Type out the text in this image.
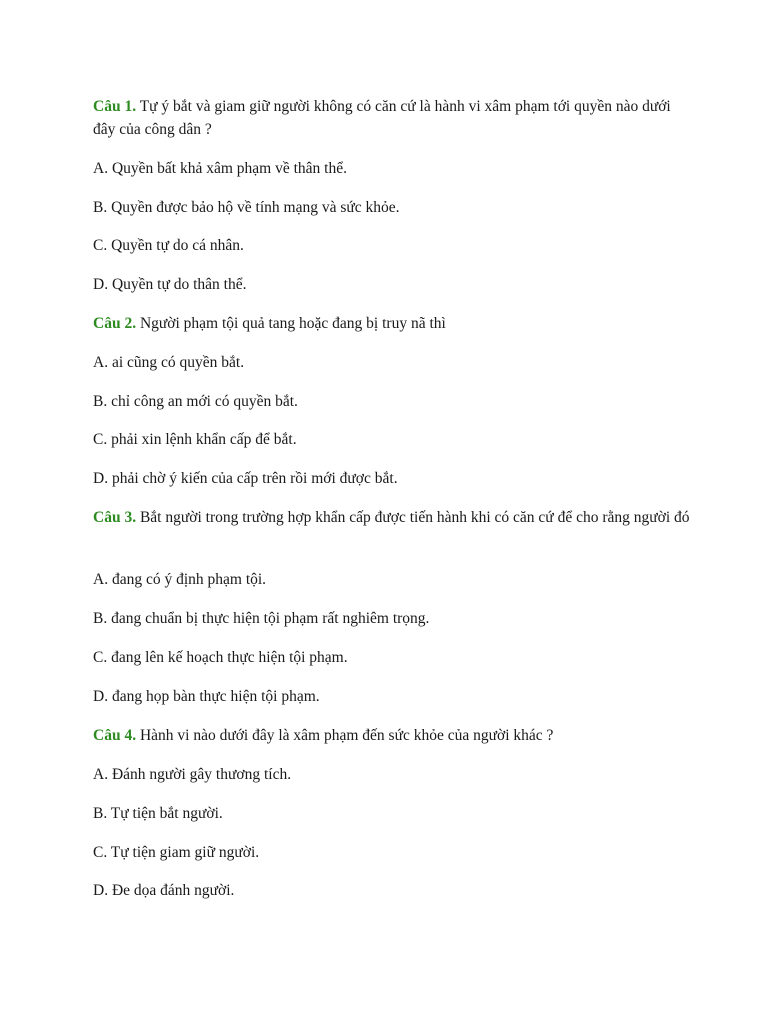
Câu 1. Tự ý bắt và giam giữ người không có căn cứ là hành vi xâm phạm tới quyền nào dưới đây của công dân ?
A. Quyền bất khả xâm phạm về thân thể.
B. Quyền được bảo hộ về tính mạng và sức khỏe.
C. Quyền tự do cá nhân.
D. Quyền tự do thân thể.
Câu 2. Người phạm tội quả tang hoặc đang bị truy nã thì
A. ai cũng có quyền bắt.
B. chỉ công an mới có quyền bắt.
C. phải xin lệnh khẩn cấp để bắt.
D. phải chờ ý kiến của cấp trên rồi mới được bắt.
Câu 3. Bắt người trong trường hợp khẩn cấp được tiến hành khi có căn cứ để cho rằng người đó
A. đang có ý định phạm tội.
B. đang chuẩn bị thực hiện tội phạm rất nghiêm trọng.
C. đang lên kế hoạch thực hiện tội phạm.
D. đang họp bàn thực hiện tội phạm.
Câu 4. Hành vi nào dưới đây là xâm phạm đến sức khỏe của người khác ?
A. Đánh người gây thương tích.
B. Tự tiện bắt người.
C. Tự tiện giam giữ người.
D. Đe dọa đánh người.
